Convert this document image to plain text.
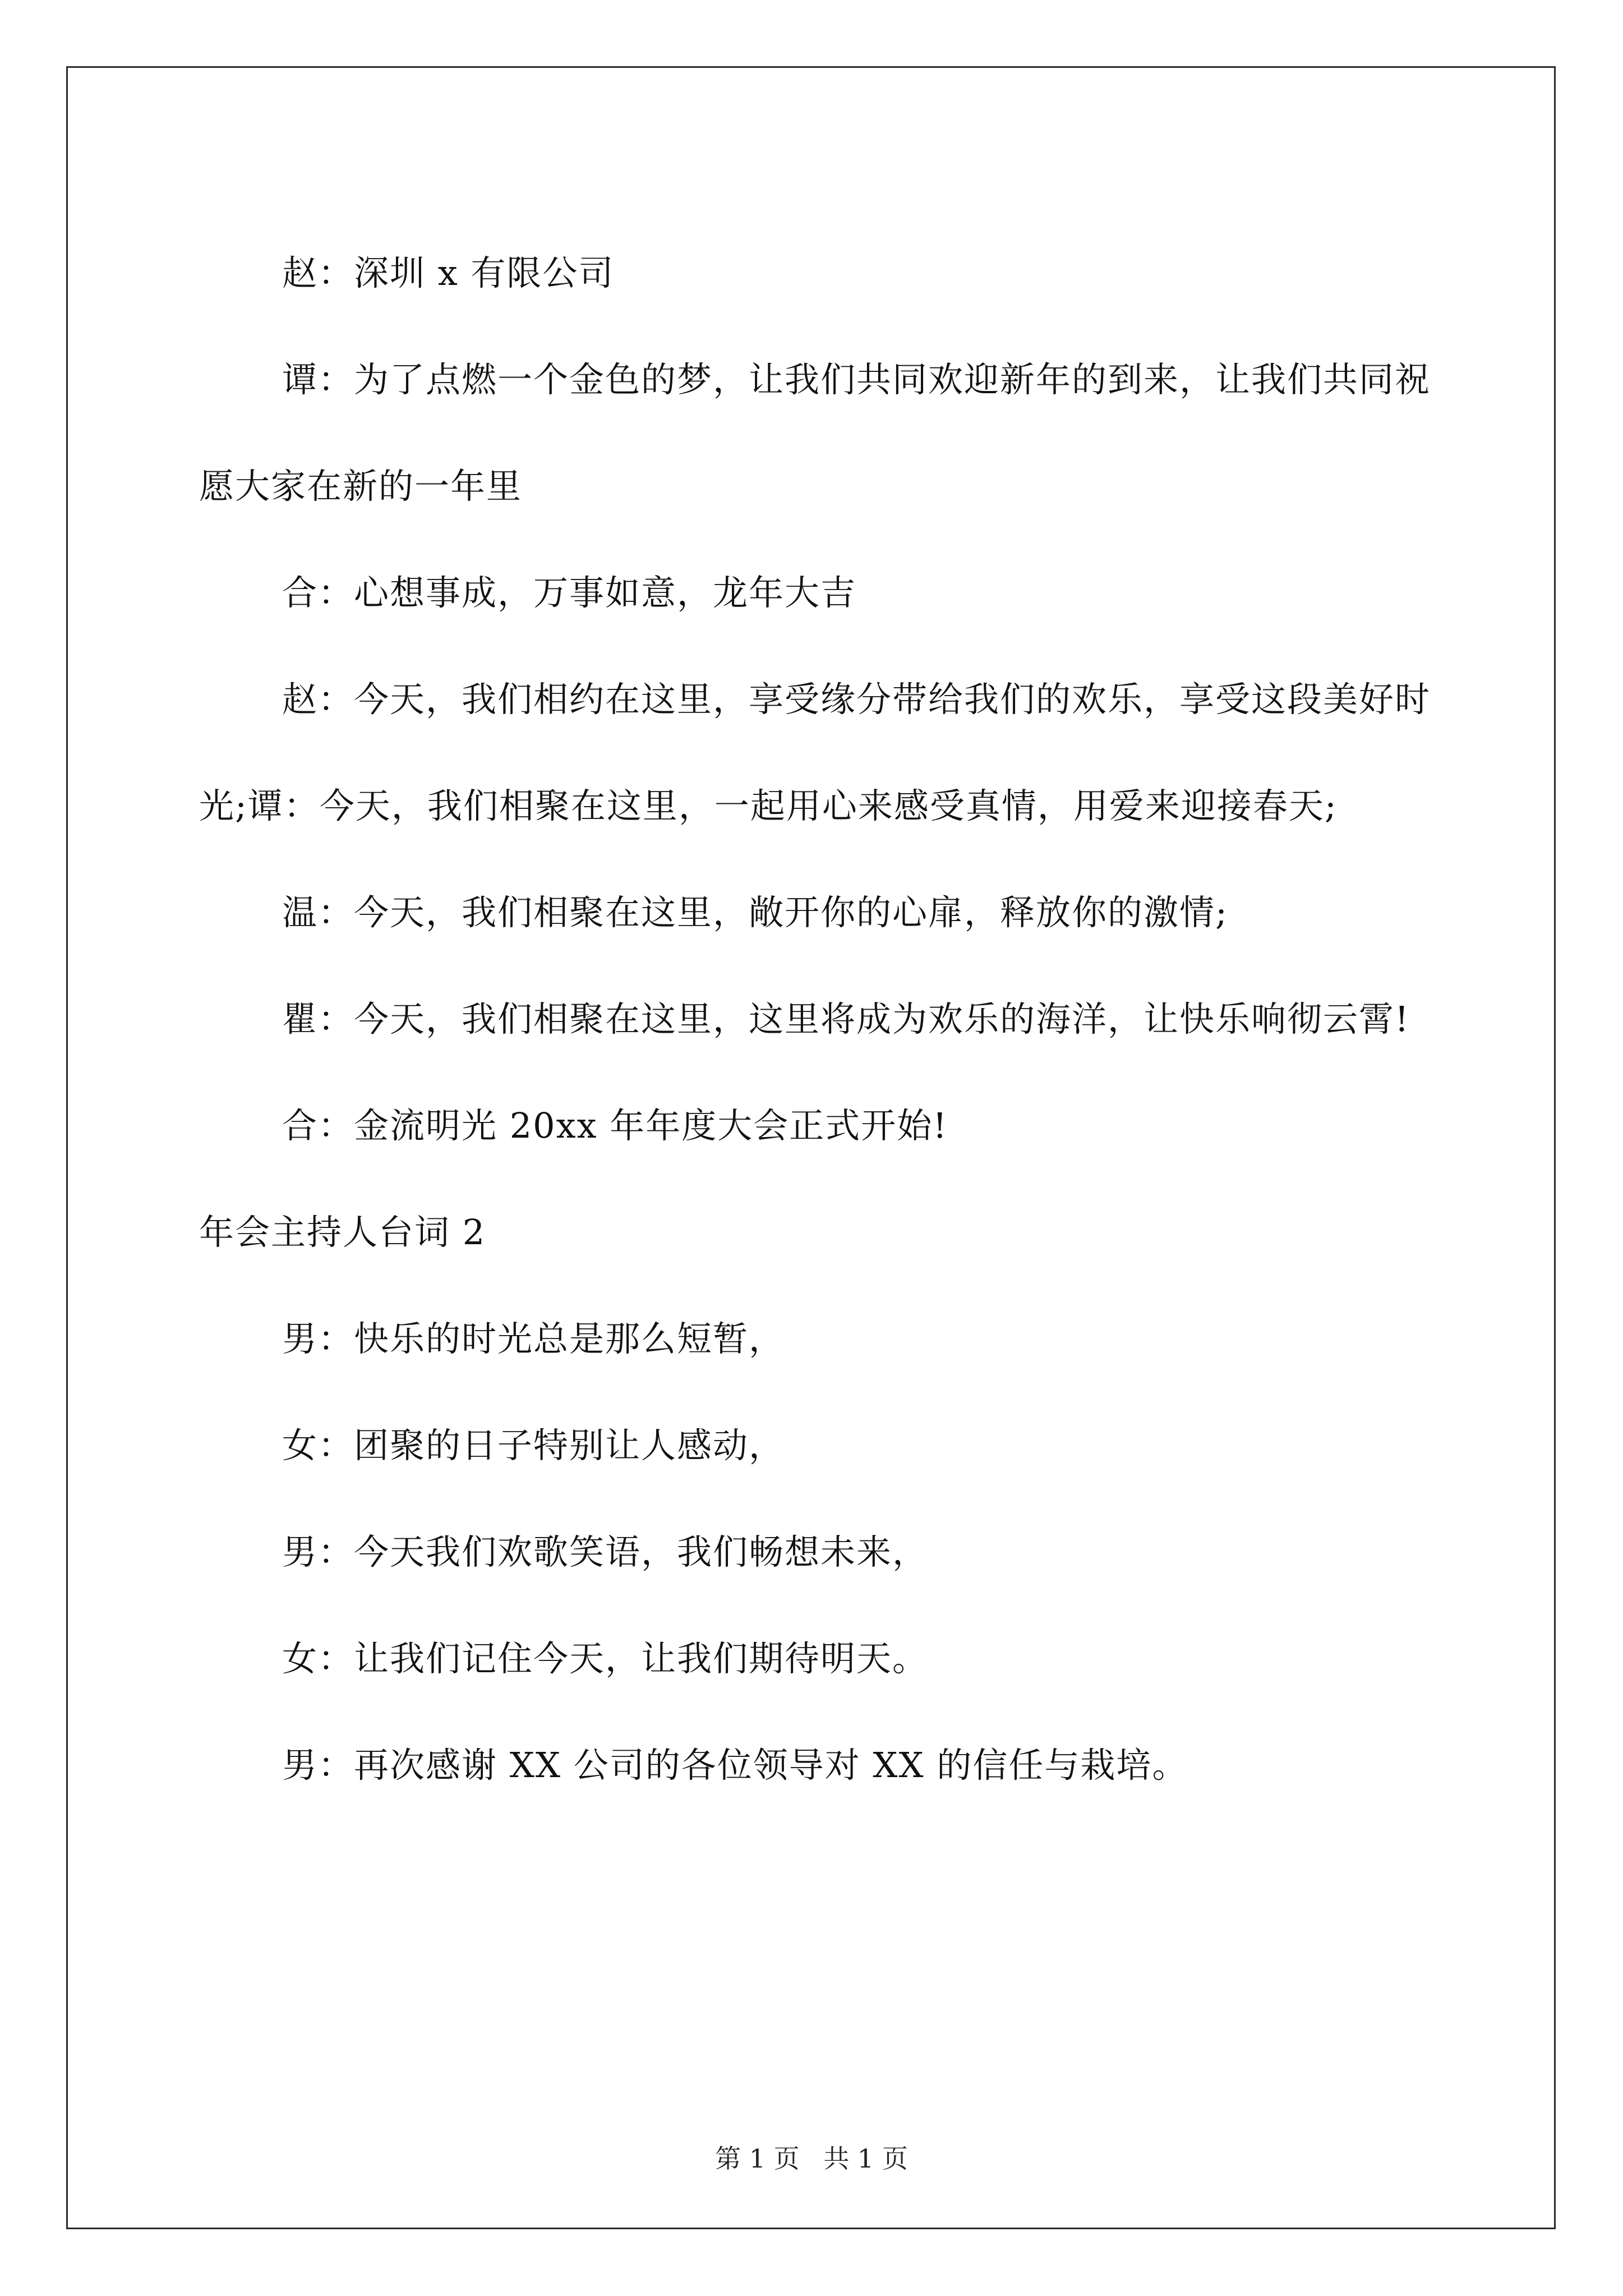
赵：深圳 x 有限公司

谭：为了点燃一个金色的梦，让我们共同欢迎新年的到来，让我们共同祝愿大家在新的一年里

合：心想事成，万事如意，龙年大吉

赵：今天，我们相约在这里，享受缘分带给我们的欢乐，享受这段美好时光;谭：今天，我们相聚在这里，一起用心来感受真情，用爱来迎接春天;

温：今天，我们相聚在这里，敞开你的心扉，释放你的激情;

瞿：今天，我们相聚在这里，这里将成为欢乐的海洋，让快乐响彻云霄!

合：金流明光 20xx 年年度大会正式开始!

年会主持人台词 2

男：快乐的时光总是那么短暂，

女：团聚的日子特别让人感动，

男：今天我们欢歌笑语，我们畅想未来，

女：让我们记住今天，让我们期待明天。

男：再次感谢 XX 公司的各位领导对 XX 的信任与栽培。

第 1 页 共 1 页
